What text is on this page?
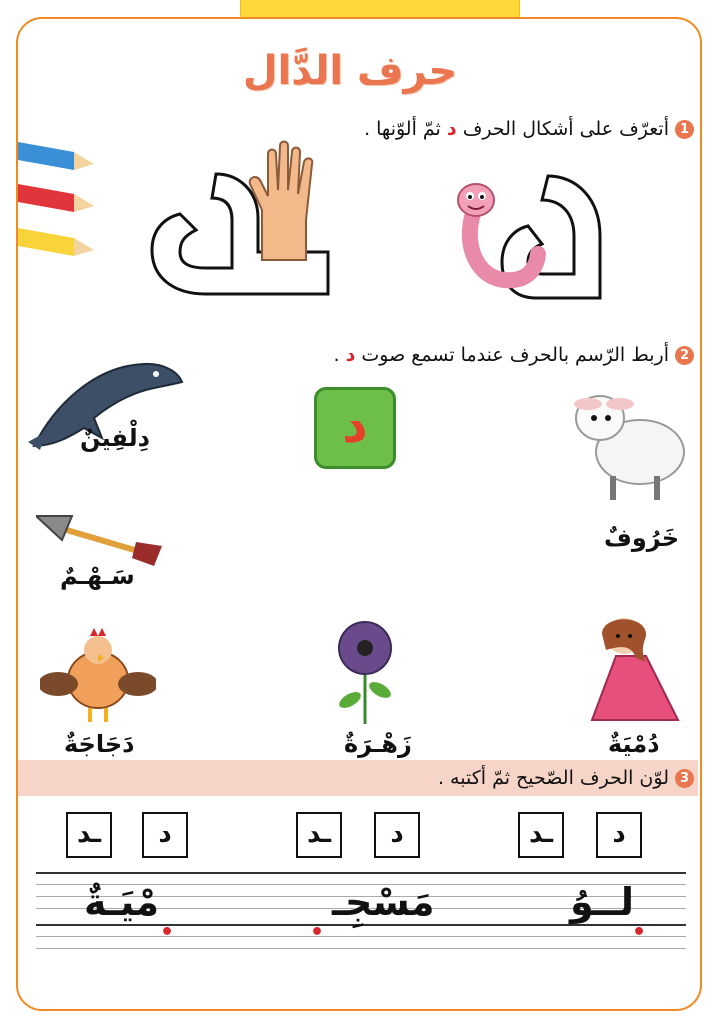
حرف الدَّال
1أتعرّف على أشكال الحرف د ثمّ ألوّنها .
2أربط الرّسم بالحرف عندما تسمع صوت د .
د
دِلْفِينٌ
خَرُوفٌ
سَـهْـمٌ
دَجَاجَةٌ	زَهْـرَةٌ	دُمْيَةٌ
3لوّن الحرف الصّحيح ثمّ أكتبه .
ـد	د	ـد	د	ـد	د
لــوُ
مَسْجِـ
مْيَـةٌ
•
•
•
